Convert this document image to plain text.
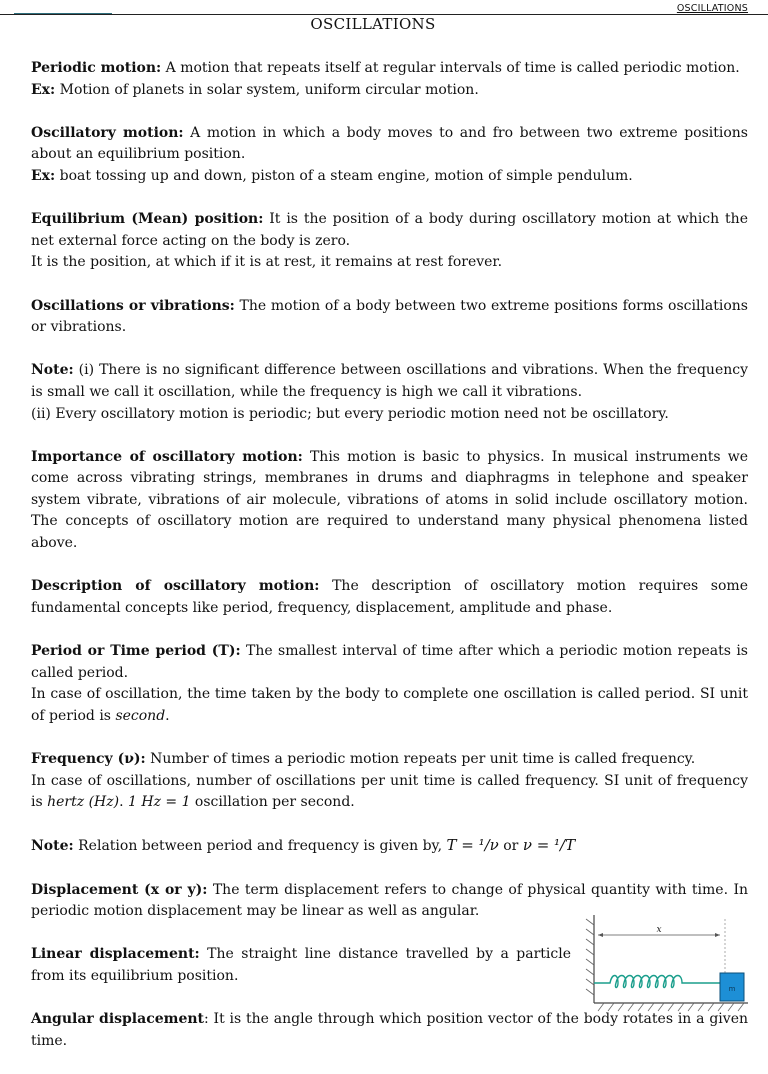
OSCILLATIONS
OSCILLATIONS

Periodic motion: A motion that repeats itself at regular intervals of time is called periodic motion.
Ex: Motion of planets in solar system, uniform circular motion.

Oscillatory motion: A motion in which a body moves to and fro between two extreme positions about an equilibrium position.
Ex: boat tossing up and down, piston of a steam engine, motion of simple pendulum.

Equilibrium (Mean) position: It is the position of a body during oscillatory motion at which the net external force acting on the body is zero.
It is the position, at which if it is at rest, it remains at rest forever.

Oscillations or vibrations: The motion of a body between two extreme positions forms oscillations or vibrations.

Note: (i) There is no significant difference between oscillations and vibrations. When the frequency is small we call it oscillation, while the frequency is high we call it vibrations.
(ii) Every oscillatory motion is periodic; but every periodic motion need not be oscillatory.

Importance of oscillatory motion: This motion is basic to physics. In musical instruments we come across vibrating strings, membranes in drums and diaphragms in telephone and speaker system vibrate, vibrations of air molecule, vibrations of atoms in solid include oscillatory motion. The concepts of oscillatory motion are required to understand many physical phenomena listed above.

Description of oscillatory motion: The description of oscillatory motion requires some fundamental concepts like period, frequency, displacement, amplitude and phase.

Period or Time period (T): The smallest interval of time after which a periodic motion repeats is called period.
In case of oscillation, the time taken by the body to complete one oscillation is called period. SI unit of period is second.

Frequency (ν): Number of times a periodic motion repeats per unit time is called frequency.
In case of oscillations, number of oscillations per unit time is called frequency. SI unit of frequency is hertz (Hz). 1 Hz = 1 oscillation per second.

Note: Relation between period and frequency is given by, T = ¹/ν or ν = ¹/T

Displacement (x or y): The term displacement refers to change of physical quantity with time. In periodic motion displacement may be linear as well as angular.

Linear displacement: The straight line distance travelled by a particle from its equilibrium position.

x
m

Angular displacement: It is the angle through which position vector of the body rotates in a given time.
